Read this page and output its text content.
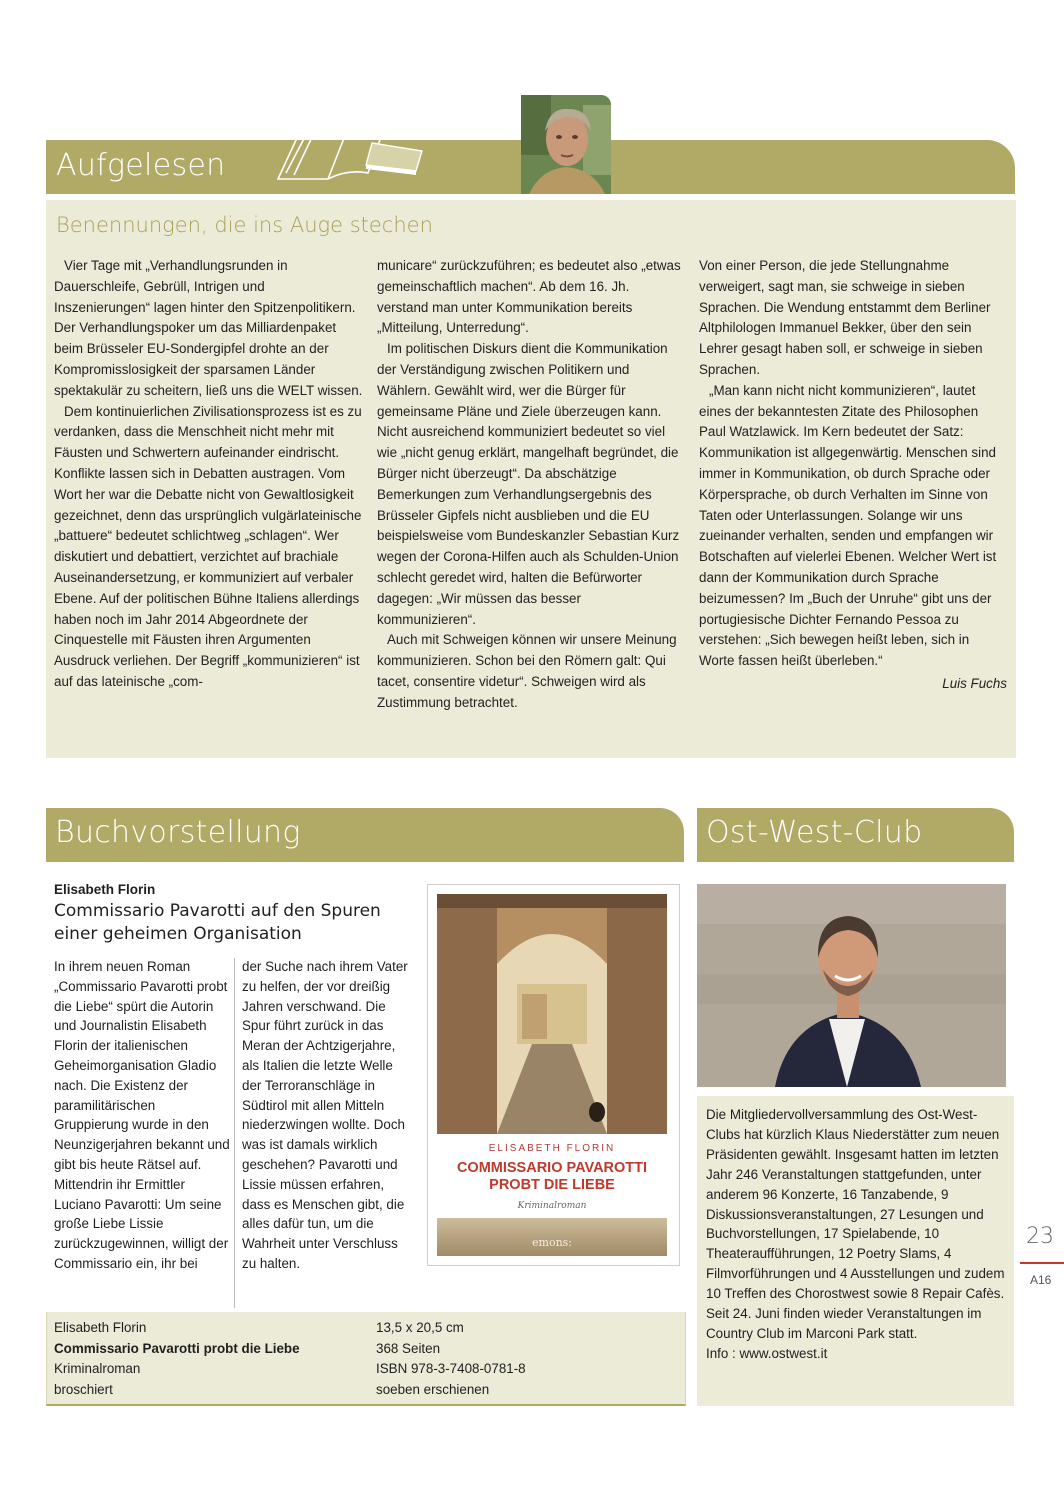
Aufgelesen
Benennungen, die ins Auge stechen

Vier Tage mit „Verhandlungsrunden in Dauerschleife, Gebrüll, Intrigen und Inszenierungen“ lagen hinter den Spitzenpolitikern. Der Verhandlungspoker um das Milliardenpaket beim Brüsseler EU-Sondergipfel drohte an der Kompromisslosigkeit der sparsamen Länder spektakulär zu scheitern, ließ uns die WELT wissen.

Dem kontinuierlichen Zivilisationsprozess ist es zu verdanken, dass die Menschheit nicht mehr mit Fäusten und Schwertern aufeinander eindrischt. Konflikte lassen sich in Debatten austragen. Vom Wort her war die Debatte nicht von Gewaltlosigkeit gezeichnet, denn das ursprünglich vulgärlateinische „battuere“ bedeutet schlichtweg „schlagen“. Wer diskutiert und debattiert, verzichtet auf brachiale Auseinandersetzung, er kommuniziert auf verbaler Ebene. Auf der politischen Bühne Italiens allerdings haben noch im Jahr 2014 Abgeordnete der Cinquestelle mit Fäusten ihren Argumenten Ausdruck verliehen. Der Begriff „kommunizieren“ ist auf das lateinische „com-

municare“ zurückzuführen; es bedeutet also „etwas gemeinschaftlich machen“. Ab dem 16. Jh. verstand man unter Kommunikation bereits „Mitteilung, Unterredung“.

Im politischen Diskurs dient die Kommunikation der Verständigung zwischen Politikern und Wählern. Gewählt wird, wer die Bürger für gemeinsame Pläne und Ziele überzeugen kann. Nicht ausreichend kommuniziert bedeutet so viel wie „nicht genug erklärt, mangelhaft begründet, die Bürger nicht überzeugt“. Da abschätzige Bemerkungen zum Verhandlungsergebnis des Brüsseler Gipfels nicht ausblieben und die EU beispielsweise vom Bundeskanzler Sebastian Kurz wegen der Corona-Hilfen auch als Schulden-Union schlecht geredet wird, halten die Befürworter dagegen: „Wir müssen das besser kommunizieren“.

Auch mit Schweigen können wir unsere Meinung kommunizieren. Schon bei den Römern galt: Qui tacet, consentire videtur“. Schweigen wird als Zustimmung betrachtet.

Von einer Person, die jede Stellungnahme verweigert, sagt man, sie schweige in sieben Sprachen. Die Wendung entstammt dem Berliner Altphilologen Immanuel Bekker, über den sein Lehrer gesagt haben soll, er schweige in sieben Sprachen.

„Man kann nicht nicht kommunizieren“, lautet eines der bekanntesten Zitate des Philosophen Paul Watzlawick. Im Kern bedeutet der Satz: Kommunikation ist allgegenwärtig. Menschen sind immer in Kommunikation, ob durch Sprache oder Körpersprache, ob durch Verhalten im Sinne von Taten oder Unterlassungen. Solange wir uns zueinander verhalten, senden und empfangen wir Botschaften auf vielerlei Ebenen. Welcher Wert ist dann der Kommunikation durch Sprache beizumessen? Im „Buch der Unruhe“ gibt uns der portugiesische Dichter Fernando Pessoa zu verstehen: „Sich bewegen heißt leben, sich in Worte fassen heißt überleben.“

Luis Fuchs

Buchvorstellung
Elisabeth Florin
Commissario Pavarotti auf den Spuren einer geheimen Organisation
In ihrem neuen Roman „Commissario Pavarotti probt die Liebe“ spürt die Autorin und Journalistin Elisabeth Florin der italienischen Geheimorganisation Gladio nach. Die Existenz der paramilitärischen Gruppierung wurde in den Neunzigerjahren bekannt und gibt bis heute Rätsel auf. Mittendrin ihr Ermittler Luciano Pavarotti: Um seine große Liebe Lissie zurückzugewinnen, willigt der Commissario ein, ihr bei
der Suche nach ihrem Vater zu helfen, der vor dreißig Jahren verschwand. Die Spur führt zurück in das Meran der Achtzigerjahre, als Italien die letzte Welle der Terroranschläge in Südtirol mit allen Mitteln niederzwingen wollte. Doch was ist damals wirklich geschehen? Pavarotti und Lissie müssen erfahren, dass es Menschen gibt, die alles dafür tun, um die Wahrheit unter Verschluss zu halten.
ELISABETH FLORIN
COMMISSARIO PAVAROTTI
PROBT DIE LIEBE
Kriminalroman
emons:
Elisabeth Florin
Commissario Pavarotti probt die Liebe
Kriminalroman
broschiert
13,5 x 20,5 cm
368 Seiten
ISBN 978-3-7408-0781-8
soeben erschienen
Ost-West-Club
Die Mitgliedervollversammlung des Ost-West-Clubs hat kürzlich Klaus Niederstätter zum neuen Präsidenten gewählt. Insgesamt hatten im letzten Jahr 246 Veranstaltungen stattgefunden, unter anderem 96 Konzerte, 16 Tanzabende, 9 Diskussionsveranstaltungen, 27 Lesungen und Buchvorstellungen, 17 Spielabende, 10 Theateraufführungen, 12 Poetry Slams, 4 Filmvorführungen und 4 Ausstellungen und zudem 10 Treffen des Chorostwest sowie 8 Repair Cafès. Seit 24. Juni finden wieder Veranstaltungen im Country Club im Marconi Park statt.
Info : www.ostwest.it
23
A16
